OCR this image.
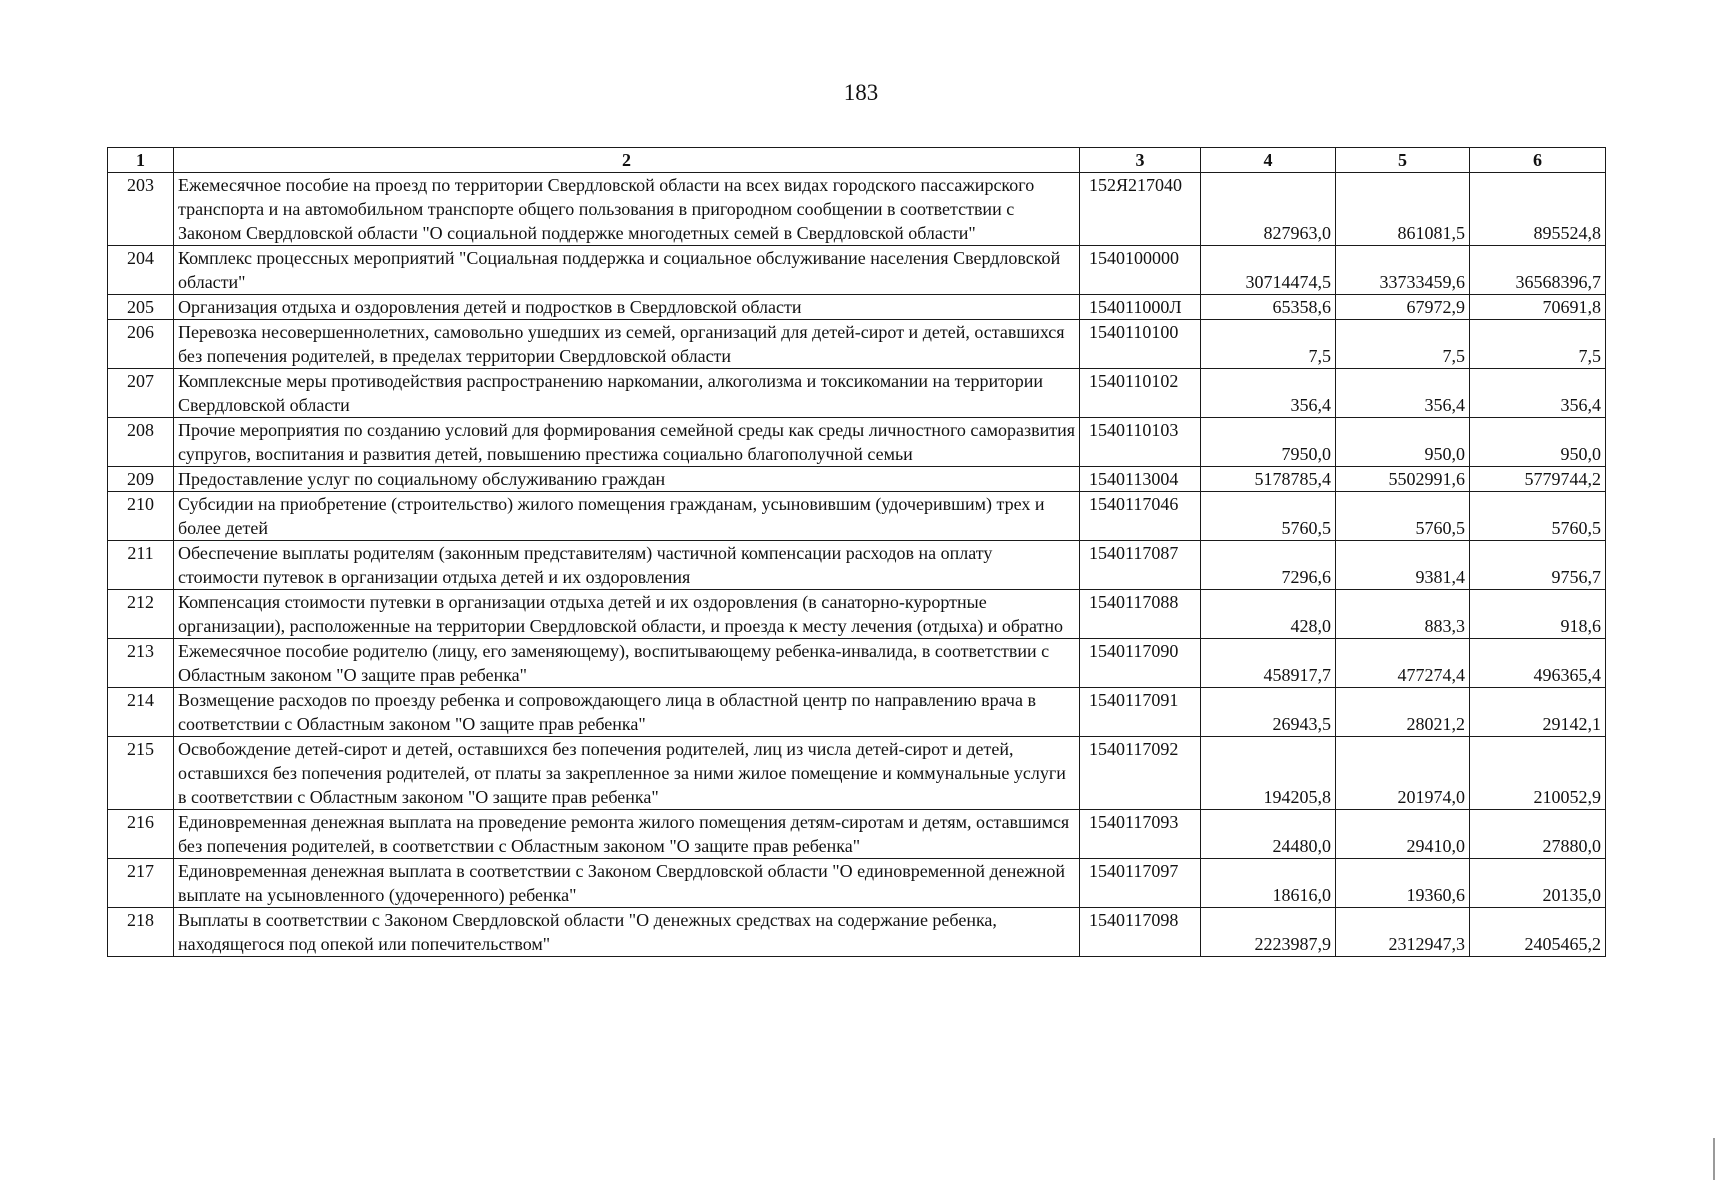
183
1	2	3	4	5	6
203	Ежемесячное пособие на проезд по территории Свердловской области на всех видах городского пассажирского транспорта и на автомобильном транспорте общего пользования в пригородном сообщении в соответствии с Законом Свердловской области "О социальной поддержке многодетных семей в Свердловской области"	152Я217040	827963,0	861081,5	895524,8
204	Комплекс процессных мероприятий "Социальная поддержка и социальное обслуживание населения Свердловской области"	1540100000	30714474,5	33733459,6	36568396,7
205	Организация отдыха и оздоровления детей и подростков в Свердловской области	154011000Л	65358,6	67972,9	70691,8
206	Перевозка несовершеннолетних, самовольно ушедших из семей, организаций для детей-сирот и детей, оставшихся без попечения родителей, в пределах территории Свердловской области	1540110100	7,5	7,5	7,5
207	Комплексные меры противодействия распространению наркомании, алкоголизма и токсикомании на территории Свердловской области	1540110102	356,4	356,4	356,4
208	Прочие мероприятия по созданию условий для формирования семейной среды как среды личностного саморазвития супругов, воспитания и развития детей, повышению престижа социально благополучной семьи	1540110103	7950,0	950,0	950,0
209	Предоставление услуг по социальному обслуживанию граждан	1540113004	5178785,4	5502991,6	5779744,2
210	Субсидии на приобретение (строительство) жилого помещения гражданам, усыновившим (удочерившим) трех и более детей	1540117046	5760,5	5760,5	5760,5
211	Обеспечение выплаты родителям (законным представителям) частичной компенсации расходов на оплату стоимости путевок в организации отдыха детей и их оздоровления	1540117087	7296,6	9381,4	9756,7
212	Компенсация стоимости путевки в организации отдыха детей и их оздоровления (в санаторно-курортные организации), расположенные на территории Свердловской области, и проезда к месту лечения (отдыха) и обратно	1540117088	428,0	883,3	918,6
213	Ежемесячное пособие родителю (лицу, его заменяющему), воспитывающему ребенка-инвалида, в соответствии с Областным законом "О защите прав ребенка"	1540117090	458917,7	477274,4	496365,4
214	Возмещение расходов по проезду ребенка и сопровождающего лица в областной центр по направлению врача в соответствии с Областным законом "О защите прав ребенка"	1540117091	26943,5	28021,2	29142,1
215	Освобождение детей-сирот и детей, оставшихся без попечения родителей, лиц из числа детей-сирот и детей, оставшихся без попечения родителей, от платы за закрепленное за ними жилое помещение и коммунальные услуги в соответствии с Областным законом "О защите прав ребенка"	1540117092	194205,8	201974,0	210052,9
216	Единовременная денежная выплата на проведение ремонта жилого помещения детям-сиротам и детям, оставшимся без попечения родителей, в соответствии с Областным законом "О защите прав ребенка"	1540117093	24480,0	29410,0	27880,0
217	Единовременная денежная выплата в соответствии с Законом Свердловской области "О единовременной денежной выплате на усыновленного (удочеренного) ребенка"	1540117097	18616,0	19360,6	20135,0
218	Выплаты в соответствии с Законом Свердловской области "О денежных средствах на содержание ребенка, находящегося под опекой или попечительством"	1540117098	2223987,9	2312947,3	2405465,2
